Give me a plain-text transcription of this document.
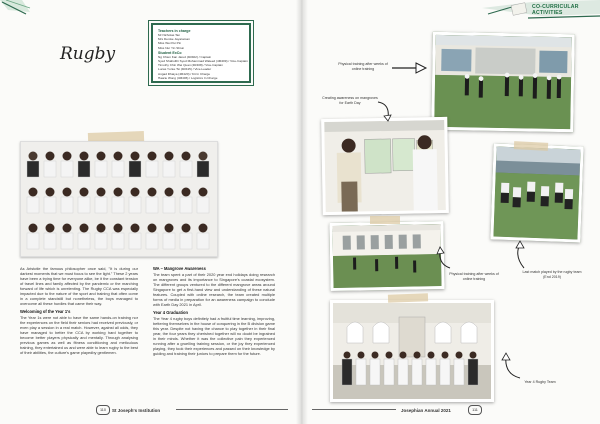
CO-CURRICULAR
ACTIVITIES
Rugby
Teachers in charge
Mr Nicholas Tan
Mrs Denise Jayaraman
Miss Wei Pei Pin
Miss Nur Yin Shiun
Student ExCo
Ng Chien Kan Jared (4R402) / Captain
Syed Shahulthi Syed Muhammad Waleed (4M409) / Vice-Captain
Timothy Chin Wei Quan (4R408) / Vice-Captain
Lucas Yu Ee Tsi (4R415) / Vice-Leader
Angad Dhaiya (4R420) / Kit In Charge
Haarie Wong (4M406) / Logistics In Charge
As Aristotle the famous philosopher once said, "It is during our darkest moments that we must focus to see the light." These 2 years have been a trying time for everyone alike, be it the constant tension of travel lines and family affected by the pandemic or the marching forward of life which is unrelenting. The Rugby CCA was especially impacted due to the nature of the sport and training that often come in a complete standstill but nonetheless, the boys managed to overcome all these hurdles that came their way.
Welcoming of the Year 1's
The Year 1s were not able to have the same hands-on training nor the experiences on the field their seniors had received previously, or even play a session in a real match. However, against all odds, they have managed to better the CCA by working hard together to become better players physically and mentally. Through analysing previous games as well as fitness conditioning and meticulous training, they entertained us and were able to learn rugby to the best of their abilities, the culture's game playedby gentlemen.
WA – Mangrove Awareness
The team spent a part of their 2020 year end holidays doing research on mangroves and its importance to Singapore's coastal ecosystem. The different groups ventured to the different mangrove areas around Singapore to get a first-hand view and understanding of these natural features. Coupled with online research, the team created multiple forms of media in preparation for an awareness campaign to conclude with Earth Day 2021 in April.
Year 4 Graduation
The Year 4 rugby boys definitely had a fruitful time learning, improving, bettering themselves in the house of conquering in the B division game this year. Despite not having the chance to play together in their final year, the four years they cherished together will no doubt be ingrained in their minds. Whether it was the collective pain they experienced running after a gruelling training session, or the joy they experienced playing, they took their experiences and passed on their knowledge by guiding and training their juniors to prepare them for the future.
Physical training after weeks of online training
Creating awareness on mangroves for Earth Day
Last match played by the rugby team (End 2019)
Physical training after weeks of online training
Year 4 Rugby Team
110	St Joseph's Institution	Josephian Annual 2021	111
